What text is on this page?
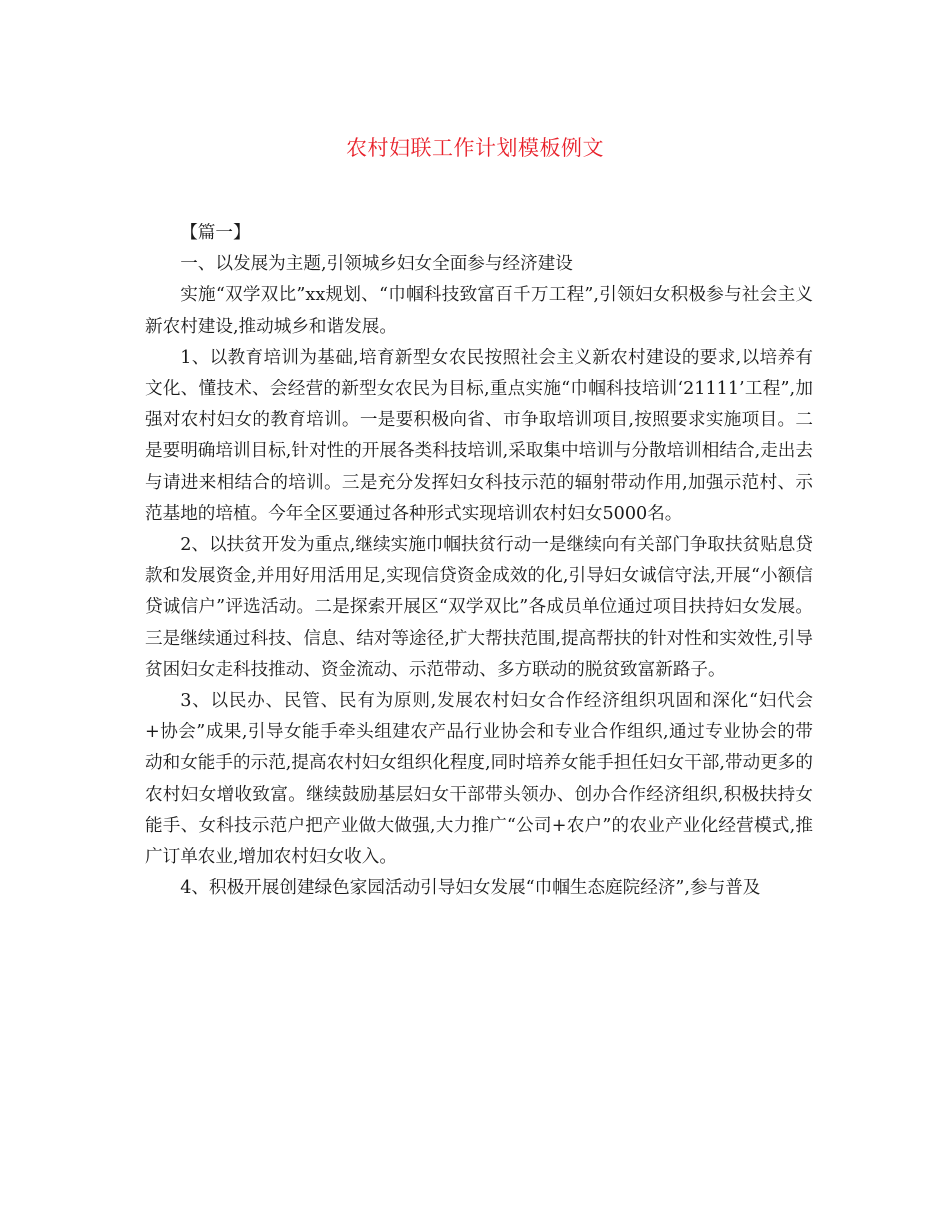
农村妇联工作计划模板例文

【篇一】

一、以发展为主题,引领城乡妇女全面参与经济建设

实施“双学双比”xx规划、“巾帼科技致富百千万工程”,引领妇女积极参与社会主义新农村建设,推动城乡和谐发展。

1、以教育培训为基础,培育新型女农民按照社会主义新农村建设的要求,以培养有文化、懂技术、会经营的新型女农民为目标,重点实施“巾帼科技培训‘21111’工程”,加强对农村妇女的教育培训。一是要积极向省、市争取培训项目,按照要求实施项目。二是要明确培训目标,针对性的开展各类科技培训,采取集中培训与分散培训相结合,走出去与请进来相结合的培训。三是充分发挥妇女科技示范的辐射带动作用,加强示范村、示范基地的培植。今年全区要通过各种形式实现培训农村妇女5000名。

2、以扶贫开发为重点,继续实施巾帼扶贫行动一是继续向有关部门争取扶贫贴息贷款和发展资金,并用好用活用足,实现信贷资金成效的化,引导妇女诚信守法,开展“小额信贷诚信户”评选活动。二是探索开展区“双学双比”各成员单位通过项目扶持妇女发展。三是继续通过科技、信息、结对等途径,扩大帮扶范围,提高帮扶的针对性和实效性,引导贫困妇女走科技推动、资金流动、示范带动、多方联动的脱贫致富新路子。

3、以民办、民管、民有为原则,发展农村妇女合作经济组织巩固和深化“妇代会+协会”成果,引导女能手牵头组建农产品行业协会和专业合作组织,通过专业协会的带动和女能手的示范,提高农村妇女组织化程度,同时培养女能手担任妇女干部,带动更多的农村妇女增收致富。继续鼓励基层妇女干部带头领办、创办合作经济组织,积极扶持女能手、女科技示范户把产业做大做强,大力推广“公司+农户”的农业产业化经营模式,推广订单农业,增加农村妇女收入。

4、积极开展创建绿色家园活动引导妇女发展“巾帼生态庭院经济”,参与普及
